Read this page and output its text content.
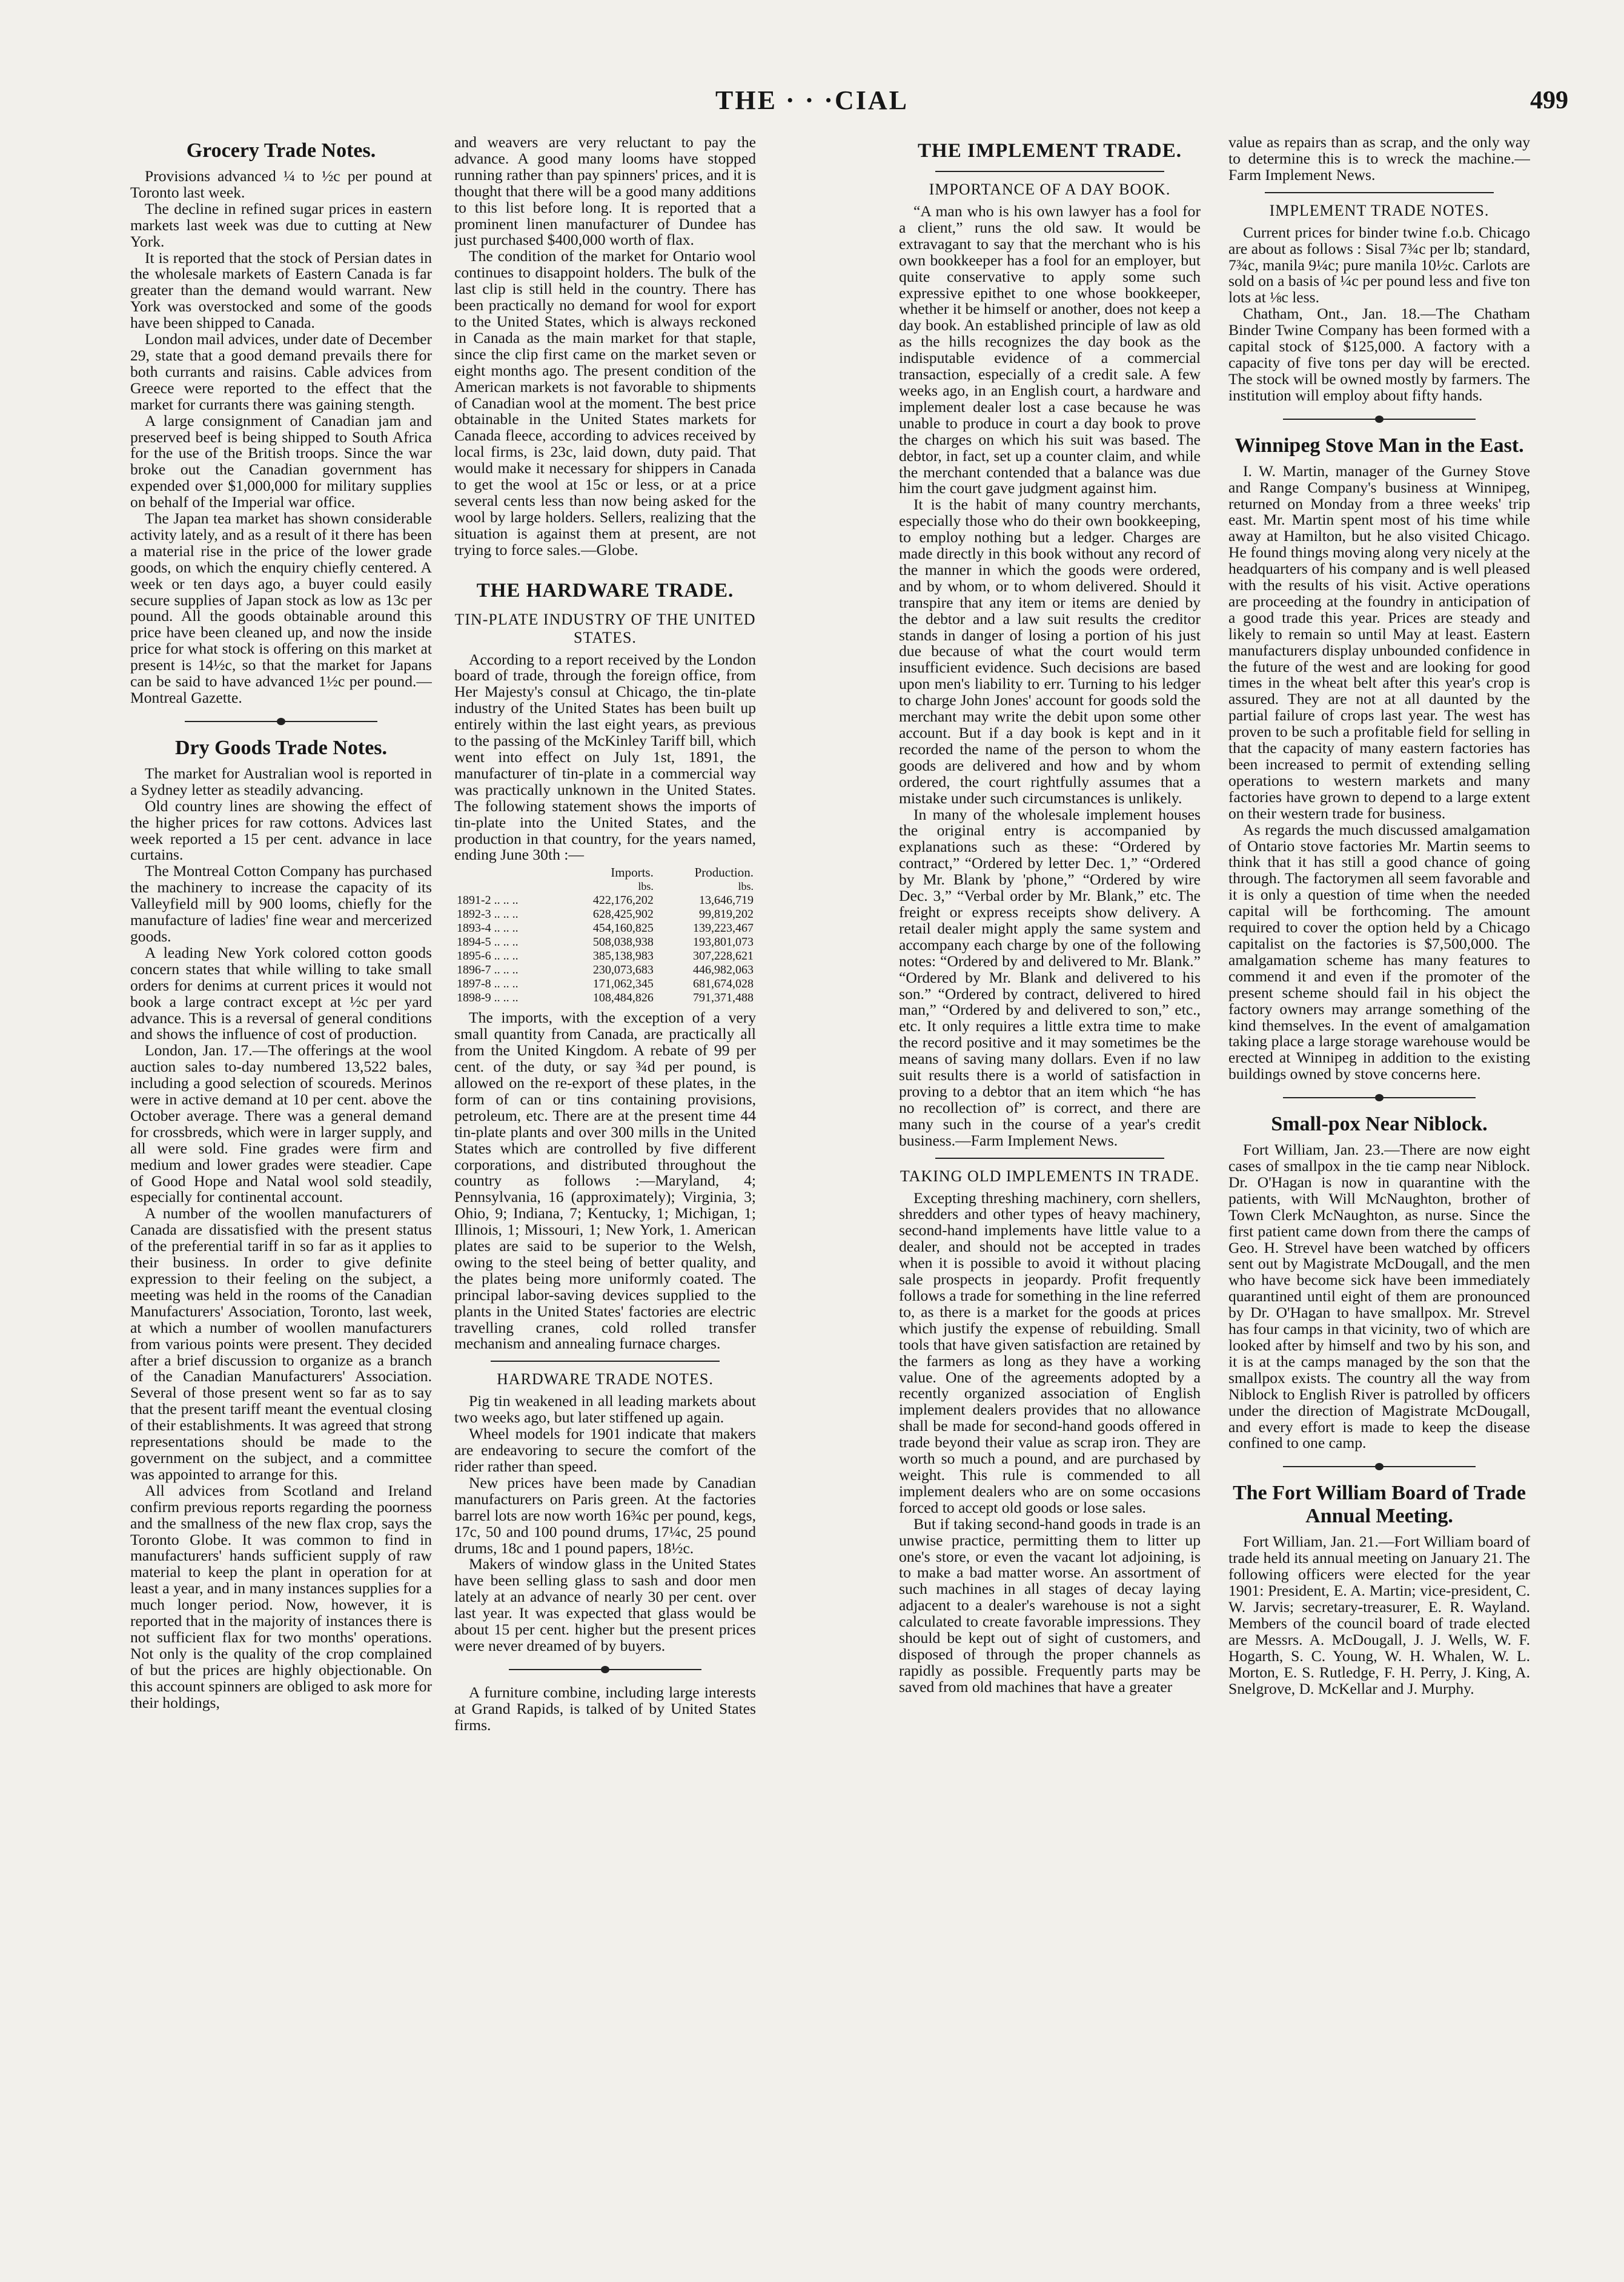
THE · · ·CIAL	499
Grocery Trade Notes.

Provisions advanced ¼ to ½c per pound at Toronto last week.

The decline in refined sugar prices in eastern markets last week was due to cutting at New York.

It is reported that the stock of Persian dates in the wholesale markets of Eastern Canada is far greater than the demand would warrant. New York was overstocked and some of the goods have been shipped to Canada.

London mail advices, under date of December 29, state that a good demand prevails there for both currants and raisins. Cable advices from Greece were reported to the effect that the market for currants there was gaining stength.

A large consignment of Canadian jam and preserved beef is being shipped to South Africa for the use of the British troops. Since the war broke out the Canadian government has expended over $1,000,000 for military supplies on behalf of the Imperial war office.

The Japan tea market has shown considerable activity lately, and as a result of it there has been a material rise in the price of the lower grade goods, on which the enquiry chiefly centered. A week or ten days ago, a buyer could easily secure supplies of Japan stock as low as 13c per pound. All the goods obtainable around this price have been cleaned up, and now the inside price for what stock is offering on this market at present is 14½c, so that the market for Japans can be said to have advanced 1½c per pound.—Montreal Gazette.

Dry Goods Trade Notes.

The market for Australian wool is reported in a Sydney letter as steadily advancing.

Old country lines are showing the effect of the higher prices for raw cottons. Advices last week reported a 15 per cent. advance in lace curtains.

The Montreal Cotton Company has purchased the machinery to increase the capacity of its Valleyfield mill by 900 looms, chiefly for the manufacture of ladies' fine wear and mercerized goods.

A leading New York colored cotton goods concern states that while willing to take small orders for denims at current prices it would not book a large contract except at ½c per yard advance. This is a reversal of general conditions and shows the influence of cost of production.

London, Jan. 17.—The offerings at the wool auction sales to-day numbered 13,522 bales, including a good selection of scoureds. Merinos were in active demand at 10 per cent. above the October average. There was a general demand for crossbreds, which were in larger supply, and all were sold. Fine grades were firm and medium and lower grades were steadier. Cape of Good Hope and Natal wool sold steadily, especially for continental account.

A number of the woollen manufacturers of Canada are dissatisfied with the present status of the preferential tariff in so far as it applies to their business. In order to give definite expression to their feeling on the subject, a meeting was held in the rooms of the Canadian Manufacturers' Association, Toronto, last week, at which a number of woollen manufacturers from various points were present. They decided after a brief discussion to organize as a branch of the Canadian Manufacturers' Association. Several of those present went so far as to say that the present tariff meant the eventual closing of their establishments. It was agreed that strong representations should be made to the government on the subject, and a committee was appointed to arrange for this.

All advices from Scotland and Ireland confirm previous reports regarding the poorness and the smallness of the new flax crop, says the Toronto Globe. It was common to find in manufacturers' hands sufficient supply of raw material to keep the plant in operation for at least a year, and in many instances supplies for a much longer period. Now, however, it is reported that in the majority of instances there is not sufficient flax for two months' operations. Not only is the quality of the crop complained of but the prices are highly objectionable. On this account spinners are obliged to ask more for their holdings,

and weavers are very reluctant to pay the advance. A good many looms have stopped running rather than pay spinners' prices, and it is thought that there will be a good many additions to this list before long. It is reported that a prominent linen manufacturer of Dundee has just purchased $400,000 worth of flax.

The condition of the market for Ontario wool continues to disappoint holders. The bulk of the last clip is still held in the country. There has been practically no demand for wool for export to the United States, which is always reckoned in Canada as the main market for that staple, since the clip first came on the market seven or eight months ago. The present condition of the American markets is not favorable to shipments of Canadian wool at the moment. The best price obtainable in the United States markets for Canada fleece, according to advices received by local firms, is 23c, laid down, duty paid. That would make it necessary for shippers in Canada to get the wool at 15c or less, or at a price several cents less than now being asked for the wool by large holders. Sellers, realizing that the situation is against them at present, are not trying to force sales.—Globe.

THE HARDWARE TRADE.
TIN-PLATE INDUSTRY OF THE UNITED STATES.

According to a report received by the London board of trade, through the foreign office, from Her Majesty's consul at Chicago, the tin-plate industry of the United States has been built up entirely within the last eight years, as previous to the passing of the McKinley Tariff bill, which went into effect on July 1st, 1891, the manufacturer of tin-plate in a commercial way was practically unknown in the United States. The following statement shows the imports of tin-plate into the United States, and the production in that country, for the years named, ending June 30th :—

	Imports.	Production.
	lbs.	lbs.
1891-2 .. .. ..	422,176,202	13,646,719
1892-3 .. .. ..	628,425,902	99,819,202
1893-4 .. .. ..	454,160,825	139,223,467
1894-5 .. .. ..	508,038,938	193,801,073
1895-6 .. .. ..	385,138,983	307,228,621
1896-7 .. .. ..	230,073,683	446,982,063
1897-8 .. .. ..	171,062,345	681,674,028
1898-9 .. .. ..	108,484,826	791,371,488

The imports, with the exception of a very small quantity from Canada, are practically all from the United Kingdom. A rebate of 99 per cent. of the duty, or say ¾d per pound, is allowed on the re-export of these plates, in the form of can or tins containing provisions, petroleum, etc. There are at the present time 44 tin-plate plants and over 300 mills in the United States which are controlled by five different corporations, and distributed throughout the country as follows :—Maryland, 4; Pennsylvania, 16 (approximately); Virginia, 3; Ohio, 9; Indiana, 7; Kentucky, 1; Michigan, 1; Illinois, 1; Missouri, 1; New York, 1. American plates are said to be superior to the Welsh, owing to the steel being of better quality, and the plates being more uniformly coated. The principal labor-saving devices supplied to the plants in the United States' factories are electric travelling cranes, cold rolled transfer mechanism and annealing furnace charges.

HARDWARE TRADE NOTES.

Pig tin weakened in all leading markets about two weeks ago, but later stiffened up again.

Wheel models for 1901 indicate that makers are endeavoring to secure the comfort of the rider rather than speed.

New prices have been made by Canadian manufacturers on Paris green. At the factories barrel lots are now worth 16¾c per pound, kegs, 17c, 50 and 100 pound drums, 17¼c, 25 pound drums, 18c and 1 pound papers, 18½c.

Makers of window glass in the United States have been selling glass to sash and door men lately at an advance of nearly 30 per cent. over last year. It was expected that glass would be about 15 per cent. higher but the present prices were never dreamed of by buyers.

A furniture combine, including large interests at Grand Rapids, is talked of by United States firms.

THE IMPLEMENT TRADE.
IMPORTANCE OF A DAY BOOK.

“A man who is his own lawyer has a fool for a client,” runs the old saw. It would be extravagant to say that the merchant who is his own bookkeeper has a fool for an employer, but quite conservative to apply some such expressive epithet to one whose bookkeeper, whether it be himself or another, does not keep a day book. An established principle of law as old as the hills recognizes the day book as the indisputable evidence of a commercial transaction, especially of a credit sale. A few weeks ago, in an English court, a hardware and implement dealer lost a case because he was unable to produce in court a day book to prove the charges on which his suit was based. The debtor, in fact, set up a counter claim, and while the merchant contended that a balance was due him the court gave judgment against him.

It is the habit of many country merchants, especially those who do their own bookkeeping, to employ nothing but a ledger. Charges are made directly in this book without any record of the manner in which the goods were ordered, and by whom, or to whom delivered. Should it transpire that any item or items are denied by the debtor and a law suit results the creditor stands in danger of losing a portion of his just due because of what the court would term insufficient evidence. Such decisions are based upon men's liability to err. Turning to his ledger to charge John Jones' account for goods sold the merchant may write the debit upon some other account. But if a day book is kept and in it recorded the name of the person to whom the goods are delivered and how and by whom ordered, the court rightfully assumes that a mistake under such circumstances is unlikely.

In many of the wholesale implement houses the original entry is accompanied by explanations such as these: “Ordered by contract,” “Ordered by letter Dec. 1,” “Ordered by Mr. Blank by 'phone,” “Ordered by wire Dec. 3,” “Verbal order by Mr. Blank,” etc. The freight or express receipts show delivery. A retail dealer might apply the same system and accompany each charge by one of the following notes: “Ordered by and delivered to Mr. Blank.” “Ordered by Mr. Blank and delivered to his son.” “Ordered by contract, delivered to hired man,” “Ordered by and delivered to son,” etc., etc. It only requires a little extra time to make the record positive and it may sometimes be the means of saving many dollars. Even if no law suit results there is a world of satisfaction in proving to a debtor that an item which “he has no recollection of” is correct, and there are many such in the course of a year's credit business.—Farm Implement News.

TAKING OLD IMPLEMENTS IN TRADE.

Excepting threshing machinery, corn shellers, shredders and other types of heavy machinery, second-hand implements have little value to a dealer, and should not be accepted in trades when it is possible to avoid it without placing sale prospects in jeopardy. Profit frequently follows a trade for something in the line referred to, as there is a market for the goods at prices which justify the expense of rebuilding. Small tools that have given satisfaction are retained by the farmers as long as they have a working value. One of the agreements adopted by a recently organized association of English implement dealers provides that no allowance shall be made for second-hand goods offered in trade beyond their value as scrap iron. They are worth so much a pound, and are purchased by weight. This rule is commended to all implement dealers who are on some occasions forced to accept old goods or lose sales.

But if taking second-hand goods in trade is an unwise practice, permitting them to litter up one's store, or even the vacant lot adjoining, is to make a bad matter worse. An assortment of such machines in all stages of decay laying adjacent to a dealer's warehouse is not a sight calculated to create favorable impressions. They should be kept out of sight of customers, and disposed of through the proper channels as rapidly as possible. Frequently parts may be saved from old machines that have a greater

value as repairs than as scrap, and the only way to determine this is to wreck the machine.—Farm Implement News.

IMPLEMENT TRADE NOTES.

Current prices for binder twine f.o.b. Chicago are about as follows : Sisal 7¾c per lb; standard, 7¾c, manila 9¼c; pure manila 10½c. Carlots are sold on a basis of ¼c per pound less and five ton lots at ⅛c less.

Chatham, Ont., Jan. 18.—The Chatham Binder Twine Company has been formed with a capital stock of $125,000. A factory with a capacity of five tons per day will be erected. The stock will be owned mostly by farmers. The institution will employ about fifty hands.

Winnipeg Stove Man in the East.

I. W. Martin, manager of the Gurney Stove and Range Company's business at Winnipeg, returned on Monday from a three weeks' trip east. Mr. Martin spent most of his time while away at Hamilton, but he also visited Chicago. He found things moving along very nicely at the headquarters of his company and is well pleased with the results of his visit. Active operations are proceeding at the foundry in anticipation of a good trade this year. Prices are steady and likely to remain so until May at least. Eastern manufacturers display unbounded confidence in the future of the west and are looking for good times in the wheat belt after this year's crop is assured. They are not at all daunted by the partial failure of crops last year. The west has proven to be such a profitable field for selling in that the capacity of many eastern factories has been increased to permit of extending selling operations to western markets and many factories have grown to depend to a large extent on their western trade for business.

As regards the much discussed amalgamation of Ontario stove factories Mr. Martin seems to think that it has still a good chance of going through. The factorymen all seem favorable and it is only a question of time when the needed capital will be forthcoming. The amount required to cover the option held by a Chicago capitalist on the factories is $7,500,000. The amalgamation scheme has many features to commend it and even if the promoter of the present scheme should fail in his object the factory owners may arrange something of the kind themselves. In the event of amalgamation taking place a large storage warehouse would be erected at Winnipeg in addition to the existing buildings owned by stove concerns here.

Small-pox Near Niblock.

Fort William, Jan. 23.—There are now eight cases of smallpox in the tie camp near Niblock. Dr. O'Hagan is now in quarantine with the patients, with Will McNaughton, brother of Town Clerk McNaughton, as nurse. Since the first patient came down from there the camps of Geo. H. Strevel have been watched by officers sent out by Magistrate McDougall, and the men who have become sick have been immediately quarantined until eight of them are pronounced by Dr. O'Hagan to have smallpox. Mr. Strevel has four camps in that vicinity, two of which are looked after by himself and two by his son, and it is at the camps managed by the son that the smallpox exists. The country all the way from Niblock to English River is patrolled by officers under the direction of Magistrate McDougall, and every effort is made to keep the disease confined to one camp.

The Fort William Board of Trade Annual Meeting.

Fort William, Jan. 21.—Fort William board of trade held its annual meeting on January 21. The following officers were elected for the year 1901: President, E. A. Martin; vice-president, C. W. Jarvis; secretary-treasurer, E. R. Wayland. Members of the council board of trade elected are Messrs. A. McDougall, J. J. Wells, W. F. Hogarth, S. C. Young, W. H. Whalen, W. L. Morton, E. S. Rutledge, F. H. Perry, J. King, A. Snelgrove, D. McKellar and J. Murphy.
